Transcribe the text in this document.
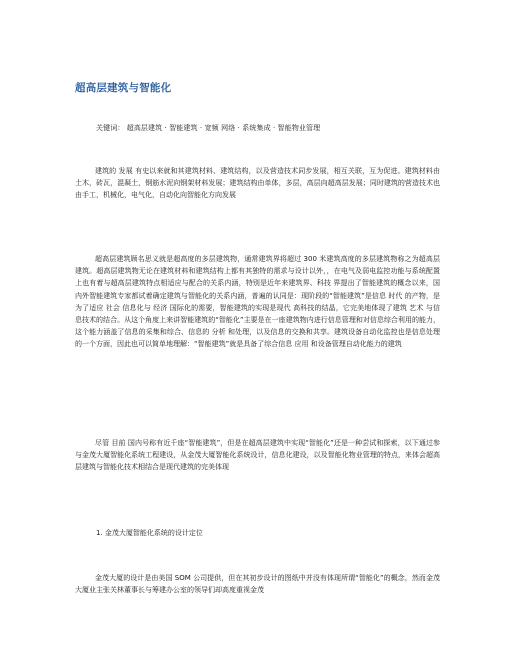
超高层建筑与智能化
关键词： 超高层建筑 · 智能建筑 · 宽频 网络 · 系统集成 · 智能物业管理

建筑的 发展 有史以来就和其建筑材料、建筑结构，以及营造技术同步发展，相互关联，互为促进。建筑材料由土木，砖瓦，混凝土，钢筋水泥向钢架材料发展；建筑结构由单体，多层，高层向超高层发展；同时建筑的营造技术也由手工，机械化，电气化，自动化向智能化方向发展

超高层建筑顾名思义就是超高度的多层建筑物，通常建筑界将超过 300 米建筑高度的多层建筑物称之为超高层建筑。超高层建筑物无论在建筑材料和建筑结构上都有其独特的需求与设计以外，，在电气及弱电监控功能与系统配置上也有着与超高层建筑特点相适应与配合的关系内涵，特别是近年来建筑界、科技 界提出了智能建筑的概念以来，国内外智能建筑专家都试着确定建筑与智能化的关系内涵，普遍的认同是：现阶段的“智能建筑”是信息 时代 的产物，是为了适应 社会 信息化与 经济 国际化的需要，智能建筑的实现是现代 高科技的结晶，它完美地体现了建筑 艺术 与信息技术的结合。从这个角度上来讲智能建筑的“智能化”主要是在一座建筑物内进行信息管理和对信息综合利用的能力，这个能力涵盖了信息的采集和综合、信息的 分析 和处理，以及信息的交换和共享。建筑设备自动化监控也是信息处理的一个方面，因此也可以简单地理解：“智能建筑”就是具备了综合信息 应用 和设备管理自动化能力的建筑

尽管 目前 国内号称有近千座“智能建筑”，但是在超高层建筑中实现“智能化”还是一种尝试和探索，以下通过参与金茂大厦智能化系统工程建设，从金茂大厦智能化系统设计，信息化建设，以及智能化物业管理的特点，来体会超高层建筑与智能化技术相结合是现代建筑的完美体现

1. 金茂大厦智能化系统的设计定位

金茂大厦的设计是由美国 SOM 公司提供，但在其初步设计的图纸中并没有体现所谓“智能化”的概念，然而金茂大厦业主张关林董事长与筹建办公室的领导们却高度重视金茂
